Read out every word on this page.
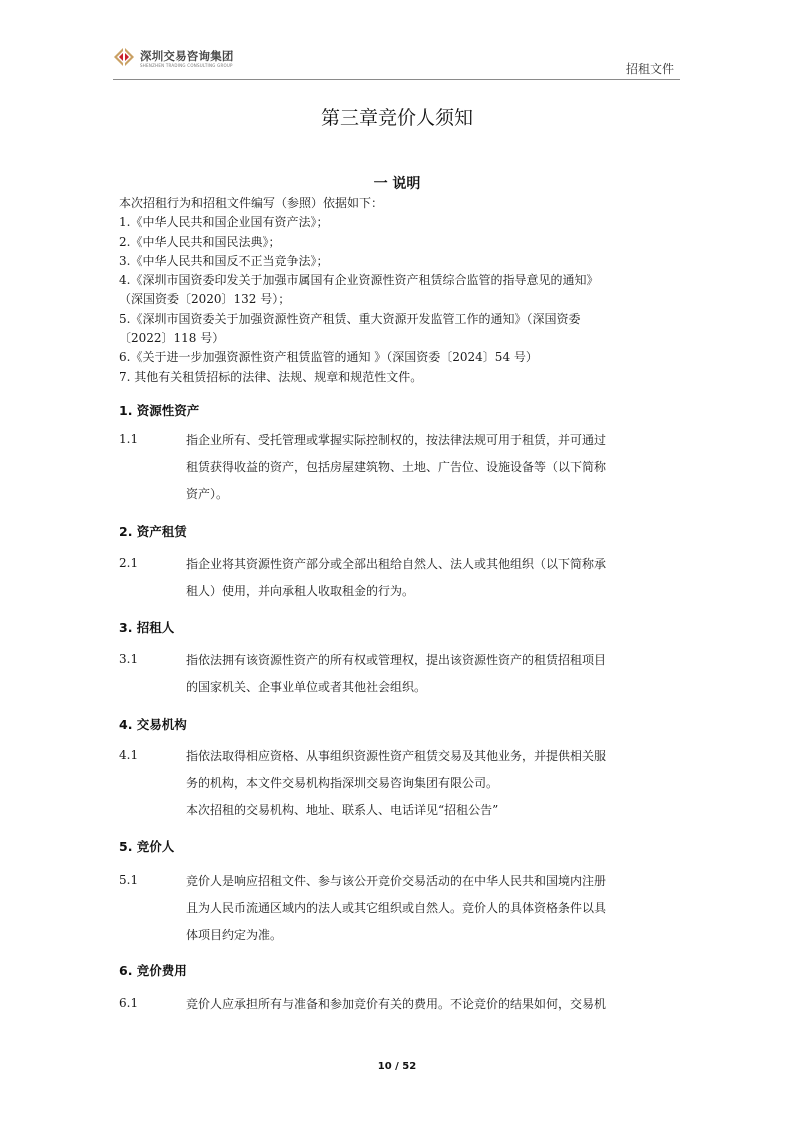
深圳交易咨询集团
SHENZHEN TRADING CONSULTING GROUP	招租文件
第三章竞价人须知
一 说明
本次招租行为和招租文件编写（参照）依据如下：
1.《中华人民共和国企业国有资产法》；
2.《中华人民共和国民法典》；
3.《中华人民共和国反不正当竞争法》；
4.《深圳市国资委印发关于加强市属国有企业资源性资产租赁综合监管的指导意见的通知》
（深国资委〔2020〕132 号）；
5.《深圳市国资委关于加强资源性资产租赁、重大资源开发监管工作的通知》（深国资委
〔2022〕118 号）
6.《关于进一步加强资源性资产租赁监管的通知 》（深国资委〔2024〕54 号）
7. 其他有关租赁招标的法律、法规、规章和规范性文件。
1. 资源性资产
1.1	指企业所有、受托管理或掌握实际控制权的，按法律法规可用于租赁，并可通过
租赁获得收益的资产，包括房屋建筑物、土地、广告位、设施设备等（以下简称
资产）。
2. 资产租赁
2.1	指企业将其资源性资产部分或全部出租给自然人、法人或其他组织（以下简称承
租人）使用，并向承租人收取租金的行为。
3. 招租人
3.1	指依法拥有该资源性资产的所有权或管理权，提出该资源性资产的租赁招租项目
的国家机关、企事业单位或者其他社会组织。
4. 交易机构
4.1	指依法取得相应资格、从事组织资源性资产租赁交易及其他业务，并提供相关服
务的机构，本文件交易机构指深圳交易咨询集团有限公司。
本次招租的交易机构、地址、联系人、电话详见“招租公告”
5. 竞价人
5.1	竞价人是响应招租文件、参与该公开竞价交易活动的在中华人民共和国境内注册
且为人民币流通区域内的法人或其它组织或自然人。竞价人的具体资格条件以具
体项目约定为准。
6. 竞价费用
6.1	竞价人应承担所有与准备和参加竞价有关的费用。不论竞价的结果如何，交易机
10 / 52
